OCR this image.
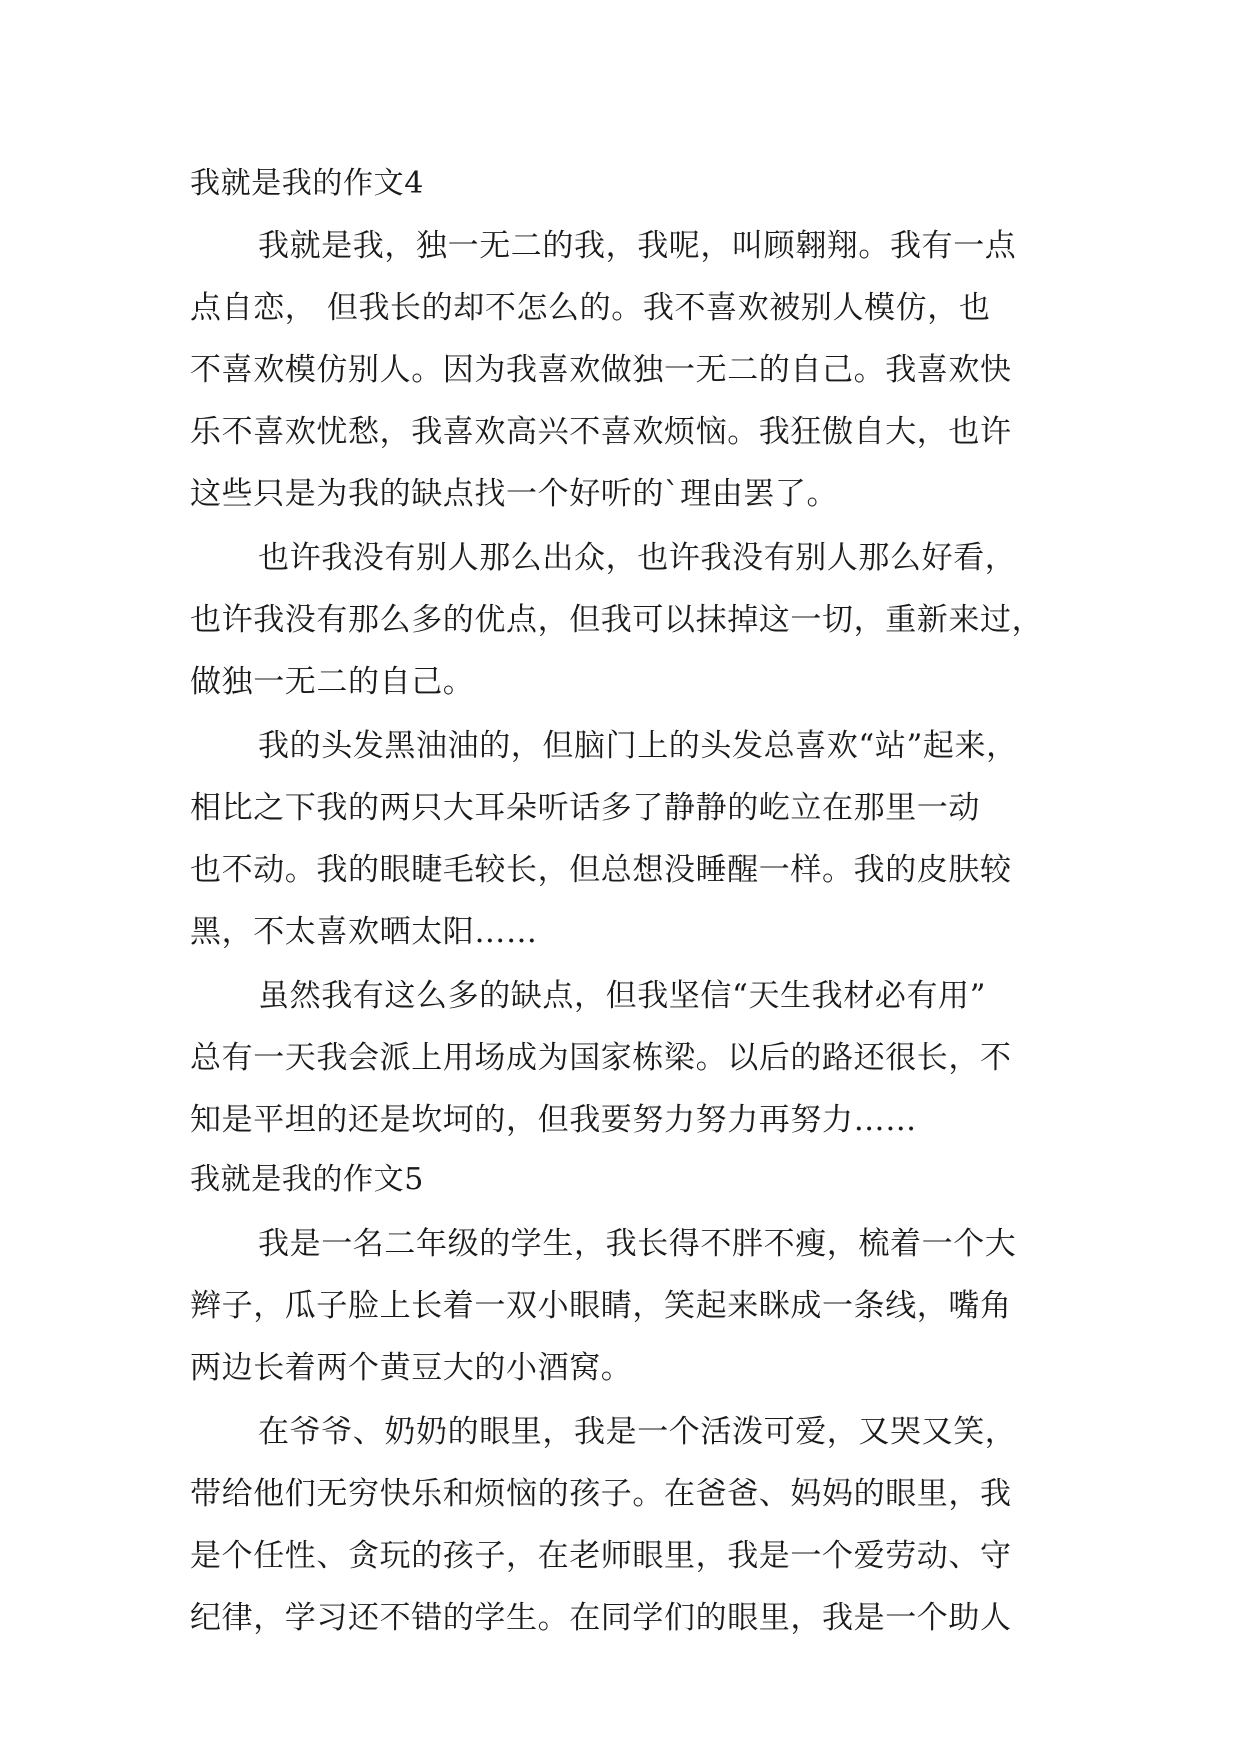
我就是我的作文4
我就是我，独一无二的我，我呢，叫顾翱翔。我有一点
点自恋， 但我长的却不怎么的。我不喜欢被别人模仿，也
不喜欢模仿别人。因为我喜欢做独一无二的自己。我喜欢快
乐不喜欢忧愁，我喜欢高兴不喜欢烦恼。我狂傲自大，也许
这些只是为我的缺点找一个好听的`理由罢了。
也许我没有别人那么出众，也许我没有别人那么好看，
也许我没有那么多的优点，但我可以抹掉这一切，重新来过，
做独一无二的自己。
我的头发黑油油的，但脑门上的头发总喜欢“站”起来，
相比之下我的两只大耳朵听话多了静静的屹立在那里一动
也不动。我的眼睫毛较长，但总想没睡醒一样。我的皮肤较
黑，不太喜欢晒太阳……
虽然我有这么多的缺点，但我坚信“天生我材必有用”
总有一天我会派上用场成为国家栋梁。以后的路还很长，不
知是平坦的还是坎坷的，但我要努力努力再努力……
我就是我的作文5
我是一名二年级的学生，我长得不胖不瘦，梳着一个大
辫子，瓜子脸上长着一双小眼睛，笑起来眯成一条线，嘴角
两边长着两个黄豆大的小酒窝。
在爷爷、奶奶的眼里，我是一个活泼可爱，又哭又笑，
带给他们无穷快乐和烦恼的孩子。在爸爸、妈妈的眼里，我
是个任性、贪玩的孩子，在老师眼里，我是一个爱劳动、守
纪律，学习还不错的学生。在同学们的眼里，我是一个助人
